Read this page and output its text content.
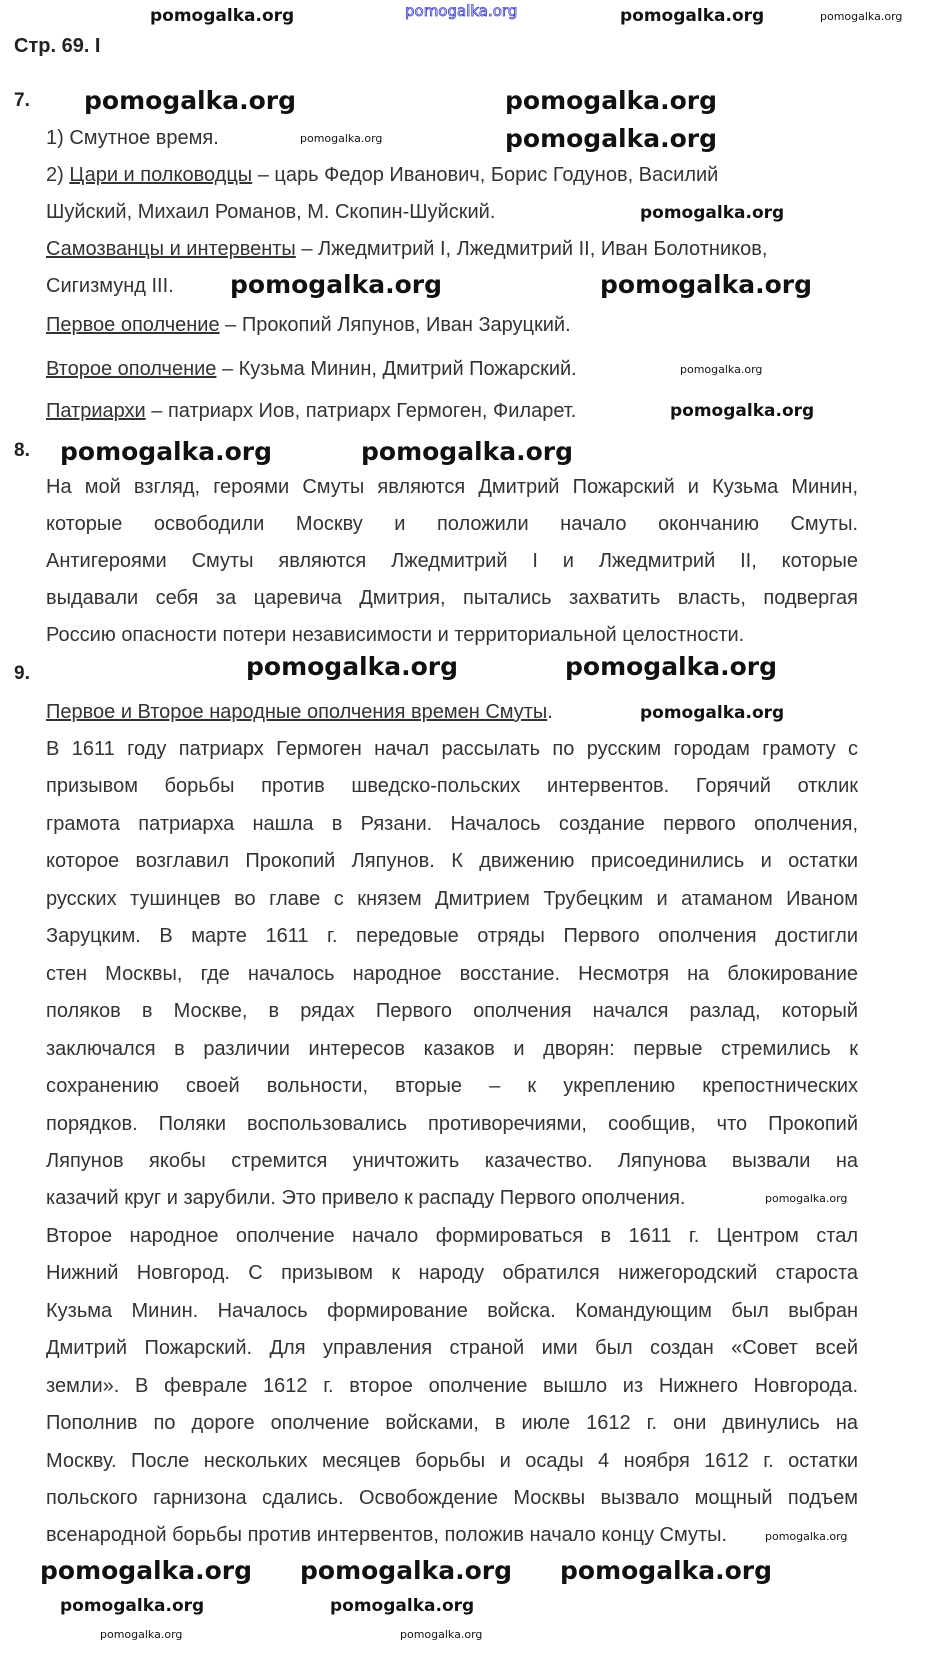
pomogalka.org
Стр. 69. I
7.
8.
9.
1) Смутное время.
2) Цари и полководцы – царь Федор Иванович, Борис Годунов, Василий
Шуйский, Михаил Романов, М. Скопин-Шуйский.
Самозванцы и интервенты – Лжедмитрий I, Лжедмитрий II, Иван Болотников,
Сигизмунд III.
Первое ополчение – Прокопий Ляпунов, Иван Заруцкий.
Второе ополчение – Кузьма Минин, Дмитрий Пожарский.
Патриархи – патриарх Иов, патриарх Гермоген, Филарет.
На мой взгляд, героями Смуты являются Дмитрий Пожарский и Кузьма Минин,
которые освободили Москву и положили начало окончанию Смуты.
Антигероями Смуты являются Лжедмитрий I и Лжедмитрий II, которые
выдавали себя за царевича Дмитрия, пытались захватить власть, подвергая
Россию опасности потери независимости и территориальной целостности.
Первое и Второе народные ополчения времен Смуты.
В 1611 году патриарх Гермоген начал рассылать по русским городам грамоту с
призывом борьбы против шведско-польских интервентов. Горячий отклик
грамота патриарха нашла в Рязани. Началось создание первого ополчения,
которое возглавил Прокопий Ляпунов. К движению присоединились и остатки
русских тушинцев во главе с князем Дмитрием Трубецким и атаманом Иваном
Заруцким. В марте 1611 г. передовые отряды Первого ополчения достигли
стен Москвы, где началось народное восстание. Несмотря на блокирование
поляков в Москве, в рядах Первого ополчения начался разлад, который
заключался в различии интересов казаков и дворян: первые стремились к
сохранению своей вольности, вторые – к укреплению крепостнических
порядков. Поляки воспользовались противоречиями, сообщив, что Прокопий
Ляпунов якобы стремится уничтожить казачество. Ляпунова вызвали на
казачий круг и зарубили. Это привело к распаду Первого ополчения.
Второе народное ополчение начало формироваться в 1611 г. Центром стал
Нижний Новгород. С призывом к народу обратился нижегородский староста
Кузьма Минин. Началось формирование войска. Командующим был выбран
Дмитрий Пожарский. Для управления страной ими был создан «Совет всей
земли». В феврале 1612 г. второе ополчение вышло из Нижнего Новгорода.
Пополнив по дороге ополчение войсками, в июле 1612 г. они двинулись на
Москву. После нескольких месяцев борьбы и осады 4 ноября 1612 г. остатки
польского гарнизона сдались. Освобождение Москвы вызвало мощный подъем
всенародной борьбы против интервентов, положив начало концу Смуты.
pomogalka.org	pomogalka.org	pomogalka.org
pomogalka.org	pomogalka.org
pomogalka.org
pomogalka.org
pomogalka.org
pomogalka.org	pomogalka.org
pomogalka.org
pomogalka.org
pomogalka.org	pomogalka.org
pomogalka.org	pomogalka.org
pomogalka.org
pomogalka.org
pomogalka.org
pomogalka.org pomogalka.org pomogalka.org
pomogalka.org	pomogalka.org
pomogalka.org	pomogalka.org
